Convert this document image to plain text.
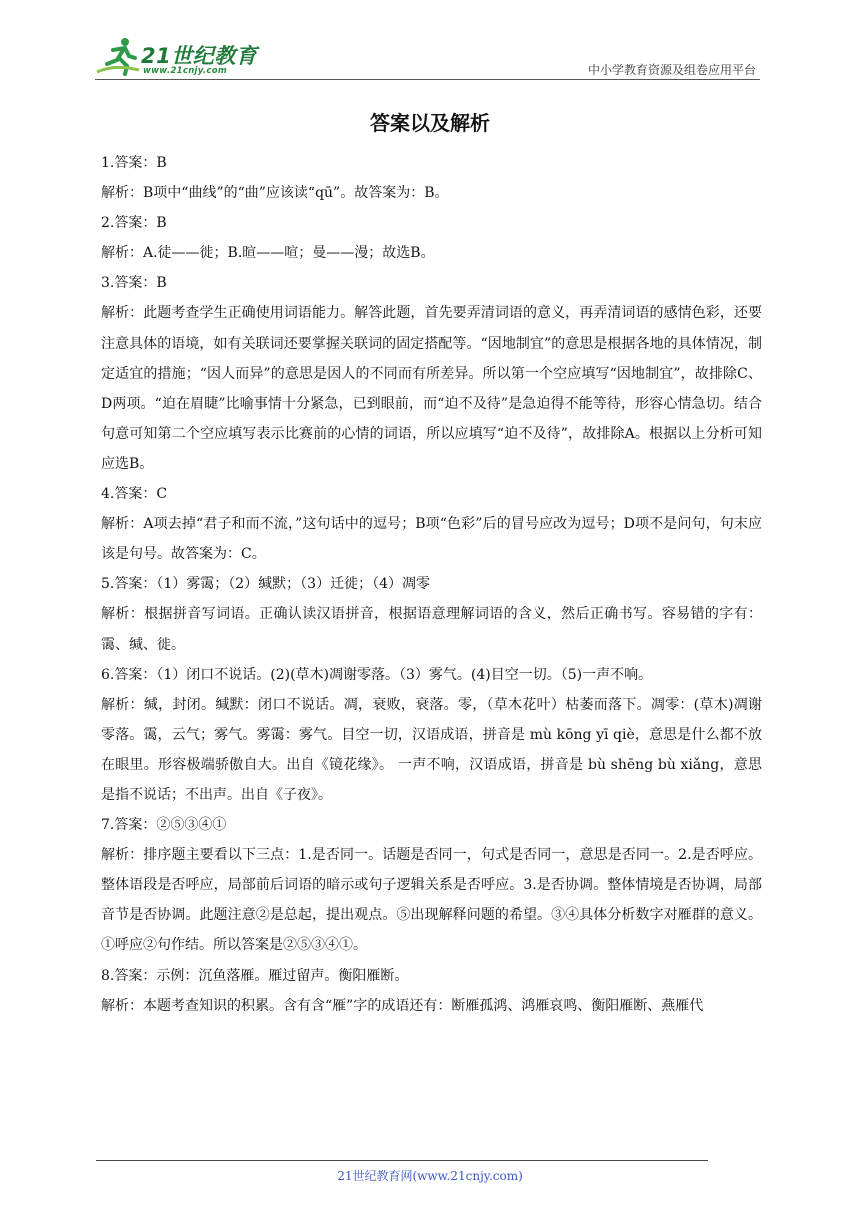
21世纪教育
www.21cnjy.com	中小学教育资源及组卷应用平台
答案以及解析

1.答案：B

解析：B项中“曲线”的“曲”应该读“qū”。故答案为：B。

2.答案：B

解析：A.徒——徙；B.暄——喧；曼——漫；故选B。

3.答案：B

解析：此题考查学生正确使用词语能力。解答此题，首先要弄清词语的意义，再弄清词语的感情色彩，还要注意具体的语境，如有关联词还要掌握关联词的固定搭配等。“因地制宜”的意思是根据各地的具体情况，制定适宜的措施；“因人而异”的意思是因人的不同而有所差异。所以第一个空应填写“因地制宜”，故排除C、D两项。“迫在眉睫”比喻事情十分紧急，已到眼前，而“迫不及待”是急迫得不能等待，形容心情急切。结合句意可知第二个空应填写表示比赛前的心情的词语，所以应填写“迫不及待”，故排除A。根据以上分析可知应选B。

4.答案：C

解析：A项去掉“君子和而不流，”这句话中的逗号；B项“色彩”后的冒号应改为逗号；D项不是问句，句末应该是句号。故答案为：C。

5.答案：（1）雾霭；（2）缄默；（3）迁徙；（4）凋零

解析：根据拼音写词语。正确认读汉语拼音，根据语意理解词语的含义，然后正确书写。容易错的字有：霭、缄、徙。

6.答案：（1）闭口不说话。(2)(草木)凋谢零落。（3）雾气。(4)目空一切。（5)一声不响。

解析：缄，封闭。缄默：闭口不说话。凋，衰败，衰落。零，（草木花叶）枯萎而落下。凋零：(草木)凋谢零落。霭，云气；雾气。雾霭：雾气。目空一切，汉语成语，拼音是 mù kōng yī qiè，意思是什么都不放在眼里。形容极端骄傲自大。出自《镜花缘》。 一声不响，汉语成语，拼音是 bù shēng bù xiǎng，意思是指不说话；不出声。出自《子夜》。

7.答案：②⑤③④①

解析：排序题主要看以下三点：1.是否同一。话题是否同一，句式是否同一，意思是否同一。2.是否呼应。整体语段是否呼应，局部前后词语的暗示或句子逻辑关系是否呼应。3.是否协调。整体情境是否协调，局部音节是否协调。此题注意②是总起，提出观点。⑤出现解释问题的希望。③④具体分析数字对雁群的意义。①呼应②句作结。所以答案是②⑤③④①。

8.答案：示例：沉鱼落雁。雁过留声。衡阳雁断。

解析：本题考查知识的积累。含有含“雁”字的成语还有：断雁孤鸿、鸿雁哀鸣、衡阳雁断、燕雁代

21世纪教育网(www.21cnjy.com)
